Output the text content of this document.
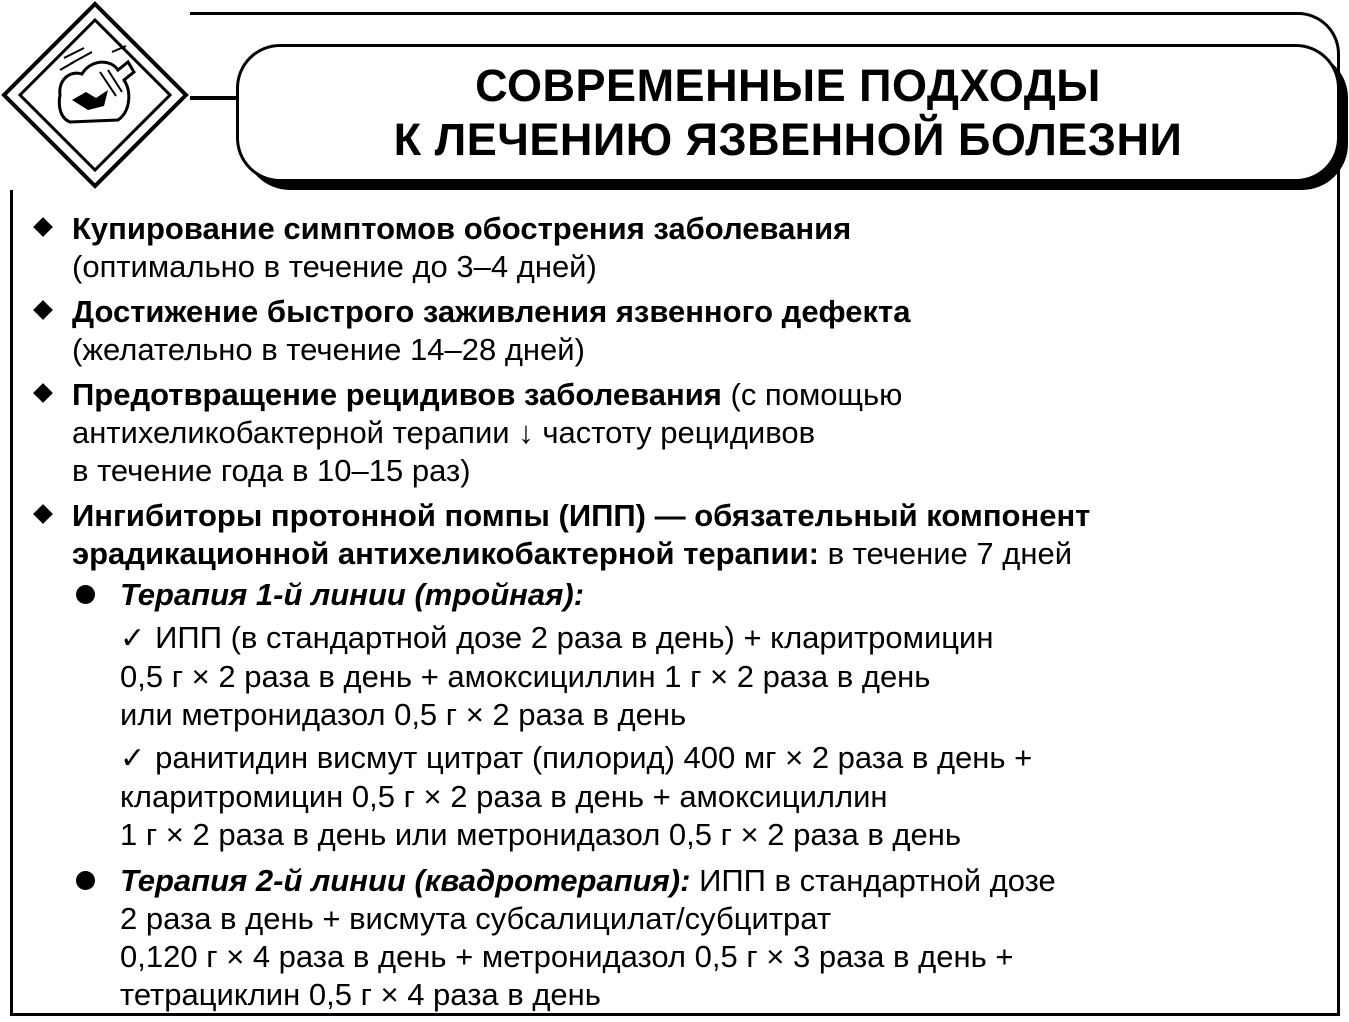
СОВРЕМЕННЫЕ ПОДХОДЫ
К ЛЕЧЕНИЮ ЯЗВЕННОЙ БОЛЕЗНИ
Купирование симптомов обострения заболевания
(оптимально в течение до 3–4 дней)
Достижение быстрого заживления язвенного дефекта
(желательно в течение 14–28 дней)
Предотвращение рецидивов заболевания (с помощью
антихеликобактерной терапии ↓ частоту рецидивов
в течение года в 10–15 раз)
Ингибиторы протонной помпы (ИПП) — обязательный компонент
эрадикационной антихеликобактерной терапии: в течение 7 дней
Терапия 1-й линии (тройная):
✓ ИПП (в стандартной дозе 2 раза в день) + кларитромицин
0,5 г × 2 раза в день + амоксициллин 1 г × 2 раза в день
или метронидазол 0,5 г × 2 раза в день
✓ ранитидин висмут цитрат (пилорид) 400 мг × 2 раза в день +
кларитромицин 0,5 г × 2 раза в день + амоксициллин
1 г × 2 раза в день или метронидазол 0,5 г × 2 раза в день
Терапия 2-й линии (квадротерапия): ИПП в стандартной дозе
2 раза в день + висмута субсалицилат/субцитрат
0,120 г × 4 раза в день + метронидазол 0,5 г × 3 раза в день +
тетрациклин 0,5 г × 4 раза в день
